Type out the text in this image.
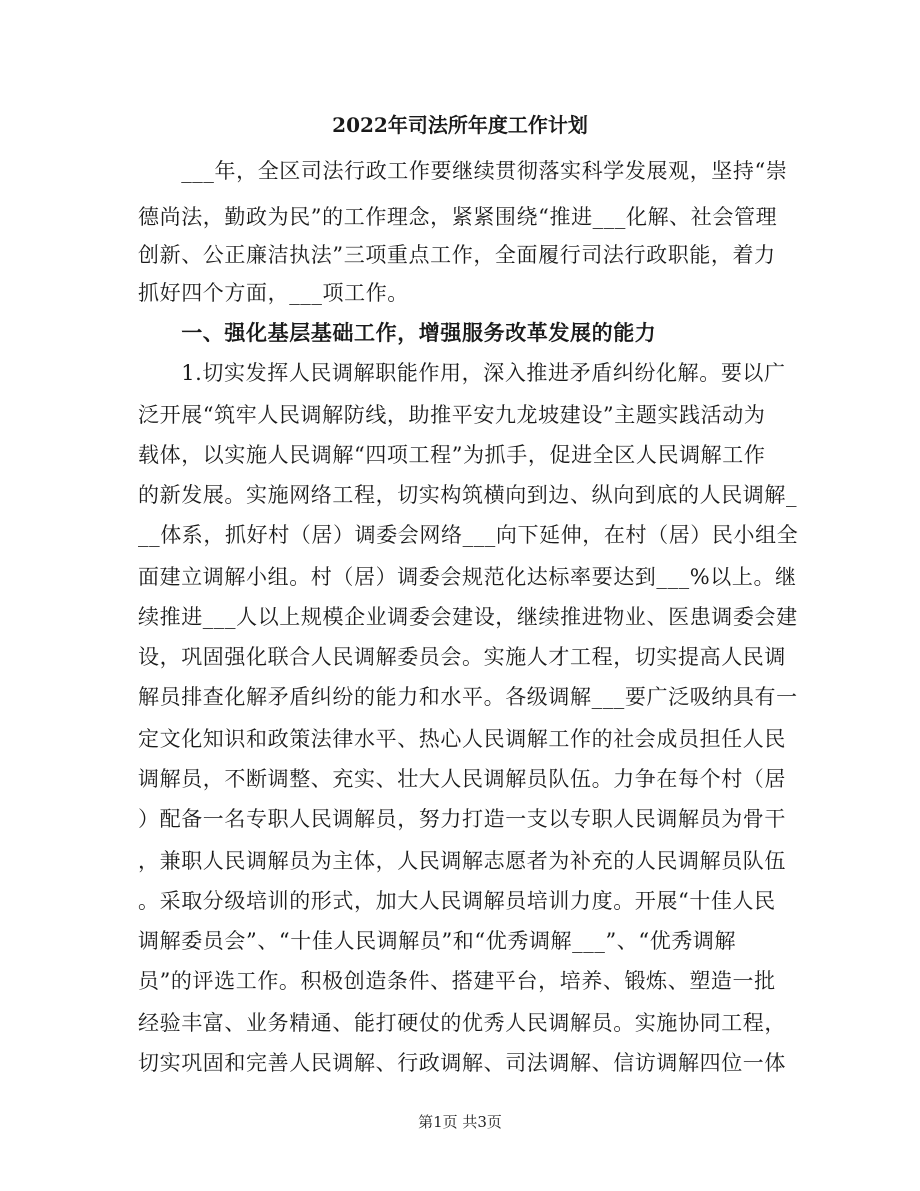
2022年司法所年度工作计划
　　___年，全区司法行政工作要继续贯彻落实科学发展观，坚持“崇
德尚法，勤政为民”的工作理念，紧紧围绕“推进___化解、社会管理
创新、公正廉洁执法”三项重点工作，全面履行司法行政职能，着力
抓好四个方面，___项工作。
　　一、强化基层基础工作，增强服务改革发展的能力
　　1.切实发挥人民调解职能作用，深入推进矛盾纠纷化解。要以广
泛开展“筑牢人民调解防线，助推平安九龙坡建设”主题实践活动为
载体，以实施人民调解“四项工程”为抓手，促进全区人民调解工作
的新发展。实施网络工程，切实构筑横向到边、纵向到底的人民调解_
__体系，抓好村（居）调委会网络___向下延伸，在村（居）民小组全
面建立调解小组。村（居）调委会规范化达标率要达到___%以上。继
续推进___人以上规模企业调委会建设，继续推进物业、医患调委会建
设，巩固强化联合人民调解委员会。实施人才工程，切实提高人民调
解员排查化解矛盾纠纷的能力和水平。各级调解___要广泛吸纳具有一
定文化知识和政策法律水平、热心人民调解工作的社会成员担任人民
调解员，不断调整、充实、壮大人民调解员队伍。力争在每个村（居
）配备一名专职人民调解员，努力打造一支以专职人民调解员为骨干
，兼职人民调解员为主体，人民调解志愿者为补充的人民调解员队伍
。采取分级培训的形式，加大人民调解员培训力度。开展“十佳人民
调解委员会”、“十佳人民调解员”和“优秀调解___”、“优秀调解
员”的评选工作。积极创造条件、搭建平台，培养、锻炼、塑造一批
经验丰富、业务精通、能打硬仗的优秀人民调解员。实施协同工程，
切实巩固和完善人民调解、行政调解、司法调解、信访调解四位一体
第1页 共3页
